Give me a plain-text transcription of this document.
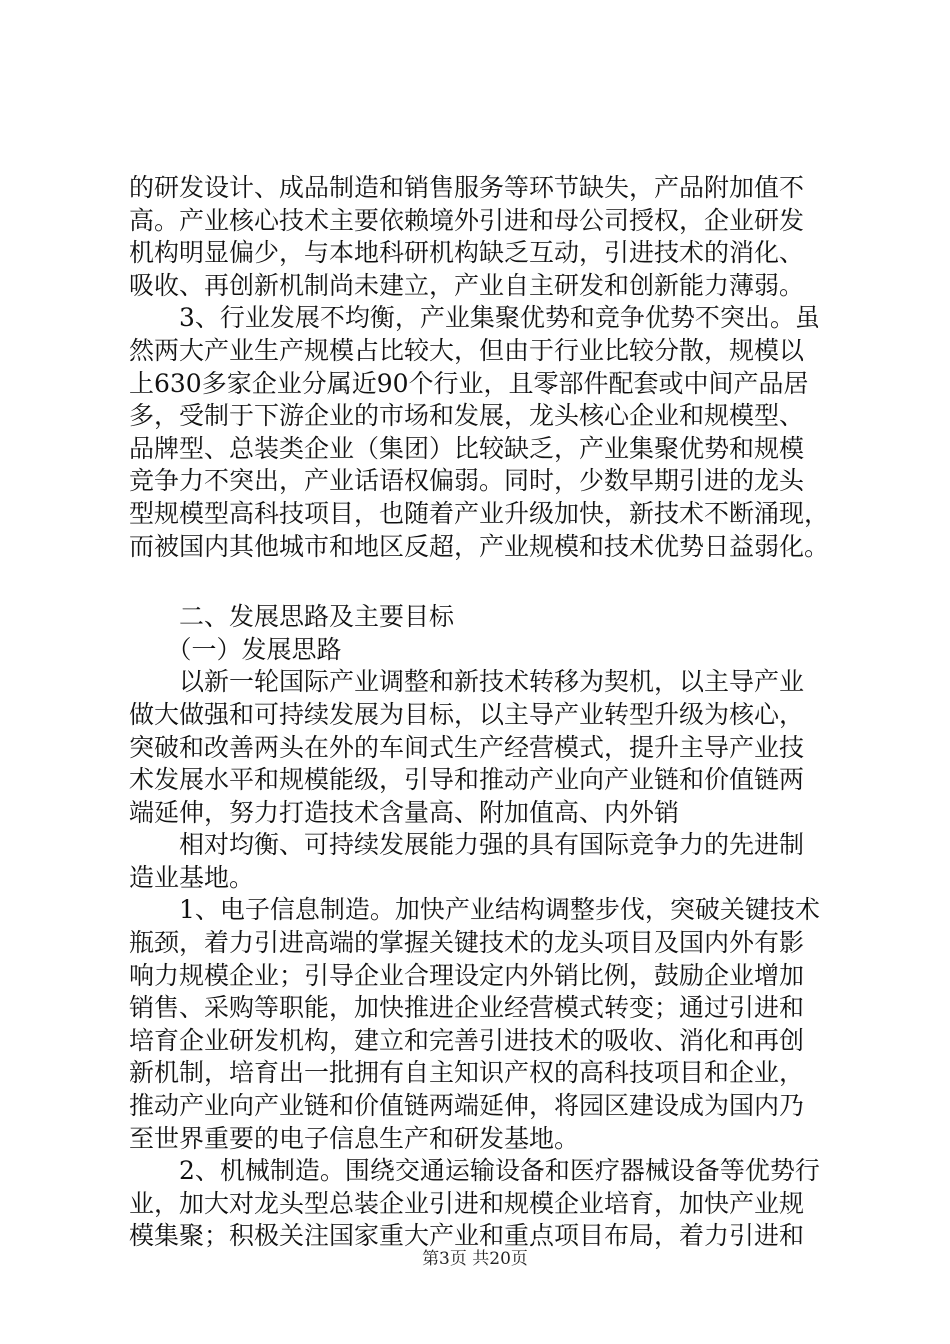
的研发设计、成品制造和销售服务等环节缺失，产品附加值不
高。产业核心技术主要依赖境外引进和母公司授权，企业研发
机构明显偏少，与本地科研机构缺乏互动，引进技术的消化、
吸收、再创新机制尚未建立，产业自主研发和创新能力薄弱。
　　3、行业发展不均衡，产业集聚优势和竞争优势不突出。虽
然两大产业生产规模占比较大，但由于行业比较分散，规模以
上630多家企业分属近90个行业，且零部件配套或中间产品居
多，受制于下游企业的市场和发展，龙头核心企业和规模型、
品牌型、总装类企业（集团）比较缺乏，产业集聚优势和规模
竞争力不突出，产业话语权偏弱。同时，少数早期引进的龙头
型规模型高科技项目，也随着产业升级加快，新技术不断涌现，
而被国内其他城市和地区反超，产业规模和技术优势日益弱化。
　　二、发展思路及主要目标
　　（一）发展思路
　　以新一轮国际产业调整和新技术转移为契机，以主导产业
做大做强和可持续发展为目标，以主导产业转型升级为核心，
突破和改善两头在外的车间式生产经营模式，提升主导产业技
术发展水平和规模能级，引导和推动产业向产业链和价值链两
端延伸，努力打造技术含量高、附加值高、内外销
　　相对均衡、可持续发展能力强的具有国际竞争力的先进制
造业基地。
　　1、电子信息制造。加快产业结构调整步伐，突破关键技术
瓶颈，着力引进高端的掌握关键技术的龙头项目及国内外有影
响力规模企业；引导企业合理设定内外销比例，鼓励企业增加
销售、采购等职能，加快推进企业经营模式转变；通过引进和
培育企业研发机构，建立和完善引进技术的吸收、消化和再创
新机制，培育出一批拥有自主知识产权的高科技项目和企业，
推动产业向产业链和价值链两端延伸，将园区建设成为国内乃
至世界重要的电子信息生产和研发基地。
　　2、机械制造。围绕交通运输设备和医疗器械设备等优势行
业，加大对龙头型总装企业引进和规模企业培育，加快产业规
模集聚；积极关注国家重大产业和重点项目布局，着力引进和
第3页 共20页
